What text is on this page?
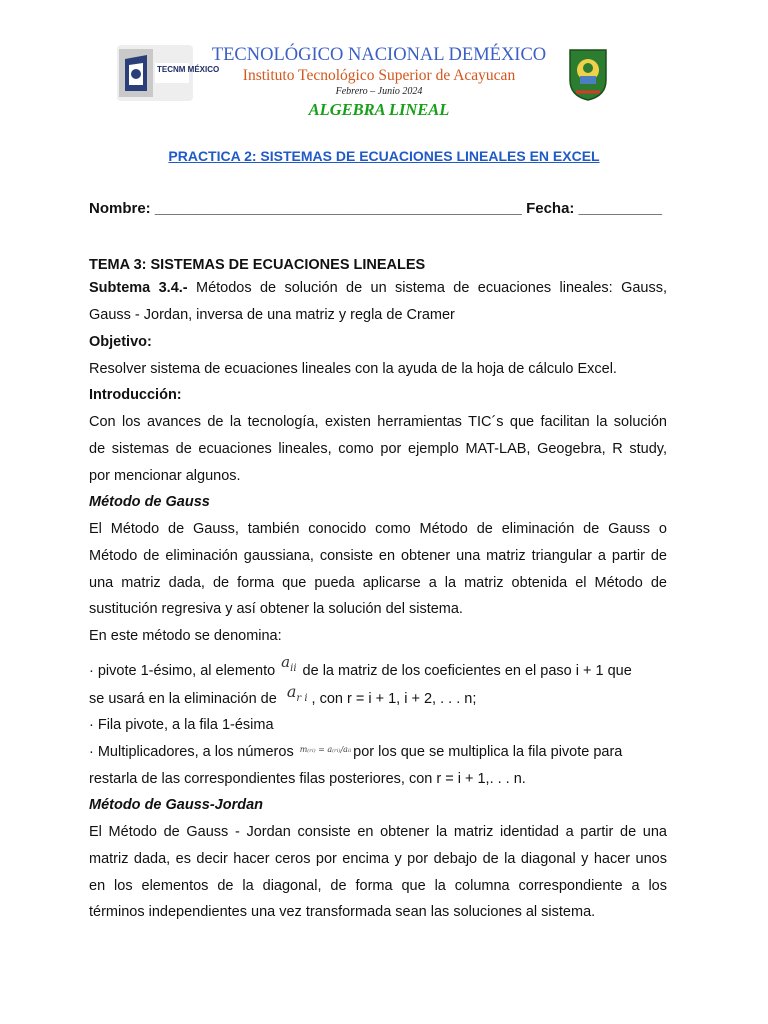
TECNM MÉXICO
TECNOLÓGICO NACIONAL DEMÉXICO
Instituto Tecnológico Superior de Acayucan
Febrero – Junio 2024
ALGEBRA LINEAL
PRACTICA 2: SISTEMAS DE ECUACIONES LINEALES EN EXCEL
Nombre: ____________________________________________ Fecha: __________
TEMA 3: SISTEMAS DE ECUACIONES LINEALES
Subtema 3.4.- Métodos de solución de un sistema de ecuaciones lineales: Gauss,
Gauss - Jordan, inversa de una matriz y regla de Cramer
Objetivo:
Resolver sistema de ecuaciones lineales con la ayuda de la hoja de cálculo Excel.
Introducción:
Con los avances de la tecnología, existen herramientas TIC´s que facilitan la solución
de sistemas de ecuaciones lineales, como por ejemplo MAT-LAB, Geogebra, R study,
por mencionar algunos.
Método de Gauss
El Método de Gauss, también conocido como Método de eliminación de Gauss o
Método de eliminación gaussiana, consiste en obtener una matriz triangular a partir de
una matriz dada, de forma que pueda aplicarse a la matriz obtenida el Método de
sustitución regresiva y así obtener la solución del sistema.
En este método se denomina:
· pivote 1-ésimo, al elemento $a_{ii}$ de la matriz de los coeficientes en el paso i + 1 que
se usará en la eliminación de $a_{r i}$ , con r = i + 1, i + 2, . . . n;
· Fila pivote, a la fila 1-ésima
· Multiplicadores, a los números $^{m_(ᵣᵢ_) = a_(ᵣᵢ_)/aᵢᵢ}$ por los que se multiplica la fila pivote para
restarla de las correspondientes filas posteriores, con r = i + 1,. . . n.
Método de Gauss-Jordan
El Método de Gauss - Jordan consiste en obtener la matriz identidad a partir de una
matriz dada, es decir hacer ceros por encima y por debajo de la diagonal y hacer unos
en los elementos de la diagonal, de forma que la columna correspondiente a los
términos independientes una vez transformada sean las soluciones al sistema.
